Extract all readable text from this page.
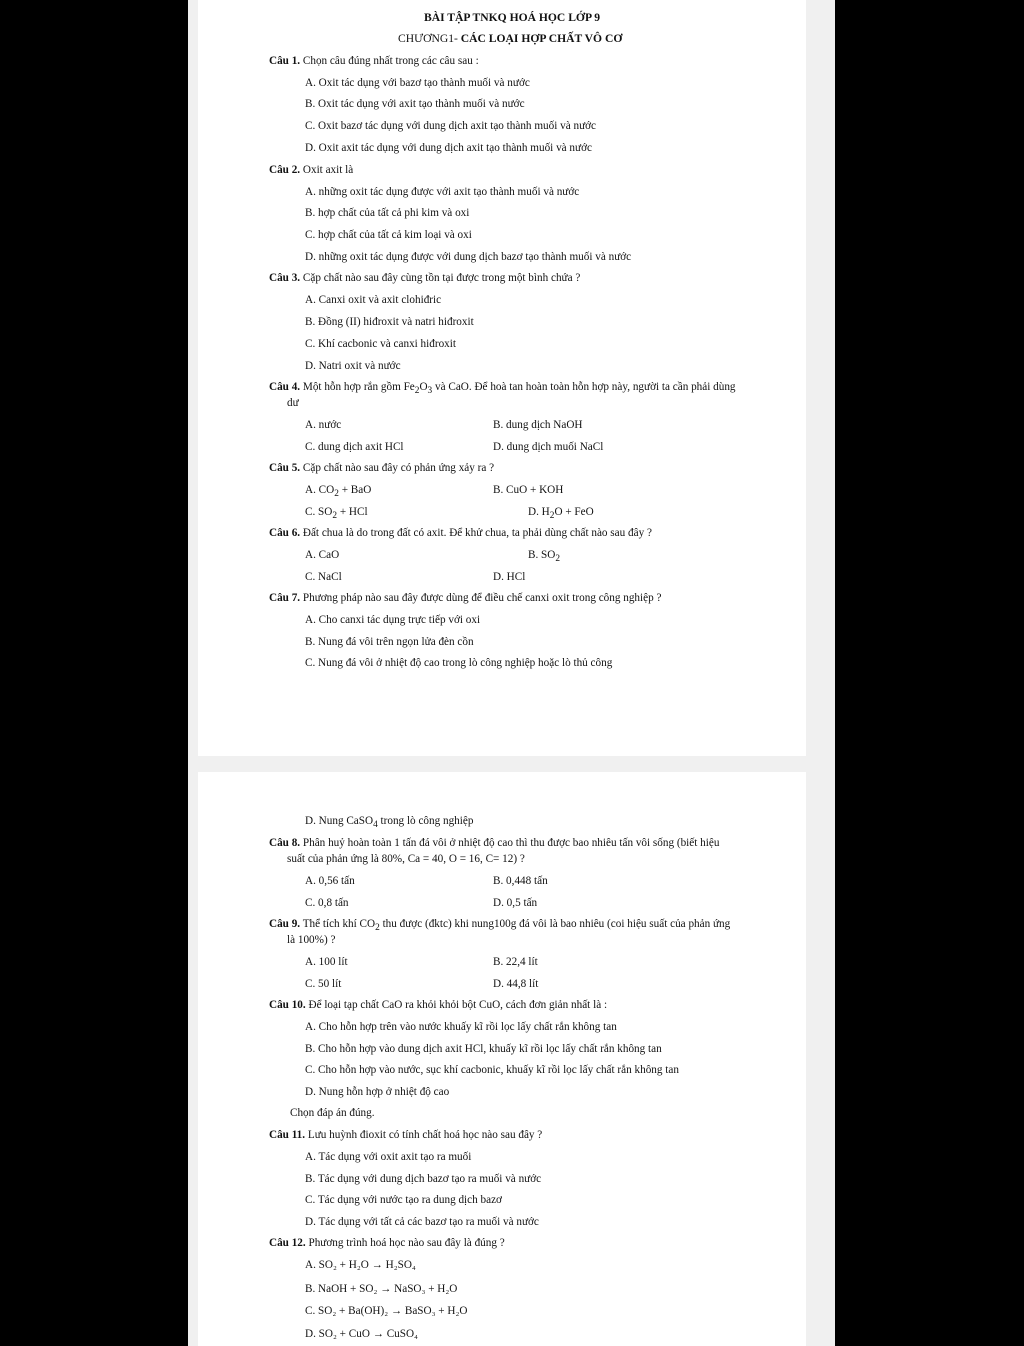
BÀI TẬP TNKQ HOÁ HỌC LỚP 9
CHƯƠNG1- CÁC LOẠI HỢP CHẤT VÔ CƠ
Câu 1. Chọn câu đúng nhất trong các câu sau :
A. Oxit tác dụng với bazơ tạo thành muối và nước
B. Oxit tác dụng với axit tạo thành muối và nước
C. Oxit bazơ tác dụng với dung dịch axit tạo thành muối và nước
D. Oxit axit tác dụng với dung dịch axit tạo thành muối và nước
Câu 2. Oxit axit là
A. những oxit tác dụng được với axit tạo thành muối và nước
B. hợp chất của tất cả phi kim và oxi
C. hợp chất của tất cả kim loại và oxi
D. những oxit tác dụng được với dung dịch bazơ tạo thành muối và nước
Câu 3. Cặp chất nào sau đây cùng tồn tại được trong một bình chứa ?
A. Canxi oxit và axit clohiđric
B. Đồng (II) hiđroxit và natri hiđroxit
C. Khí cacbonic và canxi hiđroxit
D. Natri oxit và nước
Câu 4. Một hỗn hợp rắn gồm $Fe_2O_3$ và CaO. Để hoà tan hoàn toàn hỗn hợp này, người ta cần phải dùng
dư
A. nước	B. dung dịch NaOH
C. dung dịch axit HCl	D. dung dịch muối NaCl
Câu 5. Cặp chất nào sau đây có phản ứng xảy ra ?
A. $CO_2$ + BaO	B. CuO + KOH
C. $SO_2$ + HCl	D. $H_2O$ + FeO
Câu 6. Đất chua là do trong đất có axit. Để khử chua, ta phải dùng chất nào sau đây ?
A. CaO	B. $SO_2$
C. NaCl	D. HCl
Câu 7. Phương pháp nào sau đây được dùng để điều chế canxi oxit trong công nghiệp ?
A. Cho canxi tác dụng trực tiếp với oxi
B. Nung đá vôi trên ngọn lửa đèn cồn
C. Nung đá vôi ở nhiệt độ cao trong lò công nghiệp hoặc lò thủ công
D. Nung CaSO$_4$ trong lò công nghiệp
Câu 8. Phân huỷ hoàn toàn 1 tấn đá vôi ở nhiệt độ cao thì thu được bao nhiêu tấn vôi sống (biết hiệu
suất của phản ứng là 80%, Ca = 40, O = 16, C= 12) ?
A. 0,56 tấn	B. 0,448 tấn
C. 0,8 tấn	D. 0,5 tấn
Câu 9. Thể tích khí $CO_2$ thu được (đktc) khi nung100g đá vôi là bao nhiêu (coi hiệu suất của phản ứng
là 100%) ?
A. 100 lít	B. 22,4 lít
C. 50 lít	D. 44,8 lít
Câu 10. Để loại tạp chất CaO ra khỏi khỏi bột CuO, cách đơn giản nhất là :
A. Cho hỗn hợp trên vào nước khuấy kĩ rồi lọc lấy chất rắn không tan
B. Cho hỗn hợp vào dung dịch axit HCl, khuấy kĩ rồi lọc lấy chất rắn không tan
C. Cho hỗn hợp vào nước, sục khí cacbonic, khuấy kĩ rồi lọc lấy chất rắn không tan
D. Nung hỗn hợp ở nhiệt độ cao
Chọn đáp án đúng.
Câu 11. Lưu huỳnh đioxit có tính chất hoá học nào sau đây ?
A. Tác dụng với oxit axit tạo ra muối
B. Tác dụng với dung dịch bazơ tạo ra muối và nước
C. Tác dụng với nước tạo ra dung dịch bazơ
D. Tác dụng với tất cả các bazơ tạo ra muối và nước
Câu 12. Phương trình hoá học nào sau đây là đúng ?
A. SO₂ + H₂O → H₂SO₄
B. NaOH + SO₂ → NaSO₃ + H₂O
C. SO₂ + Ba(OH)₂ → BaSO₃ + H₂O
D. SO₂ + CuO → CuSO₄
